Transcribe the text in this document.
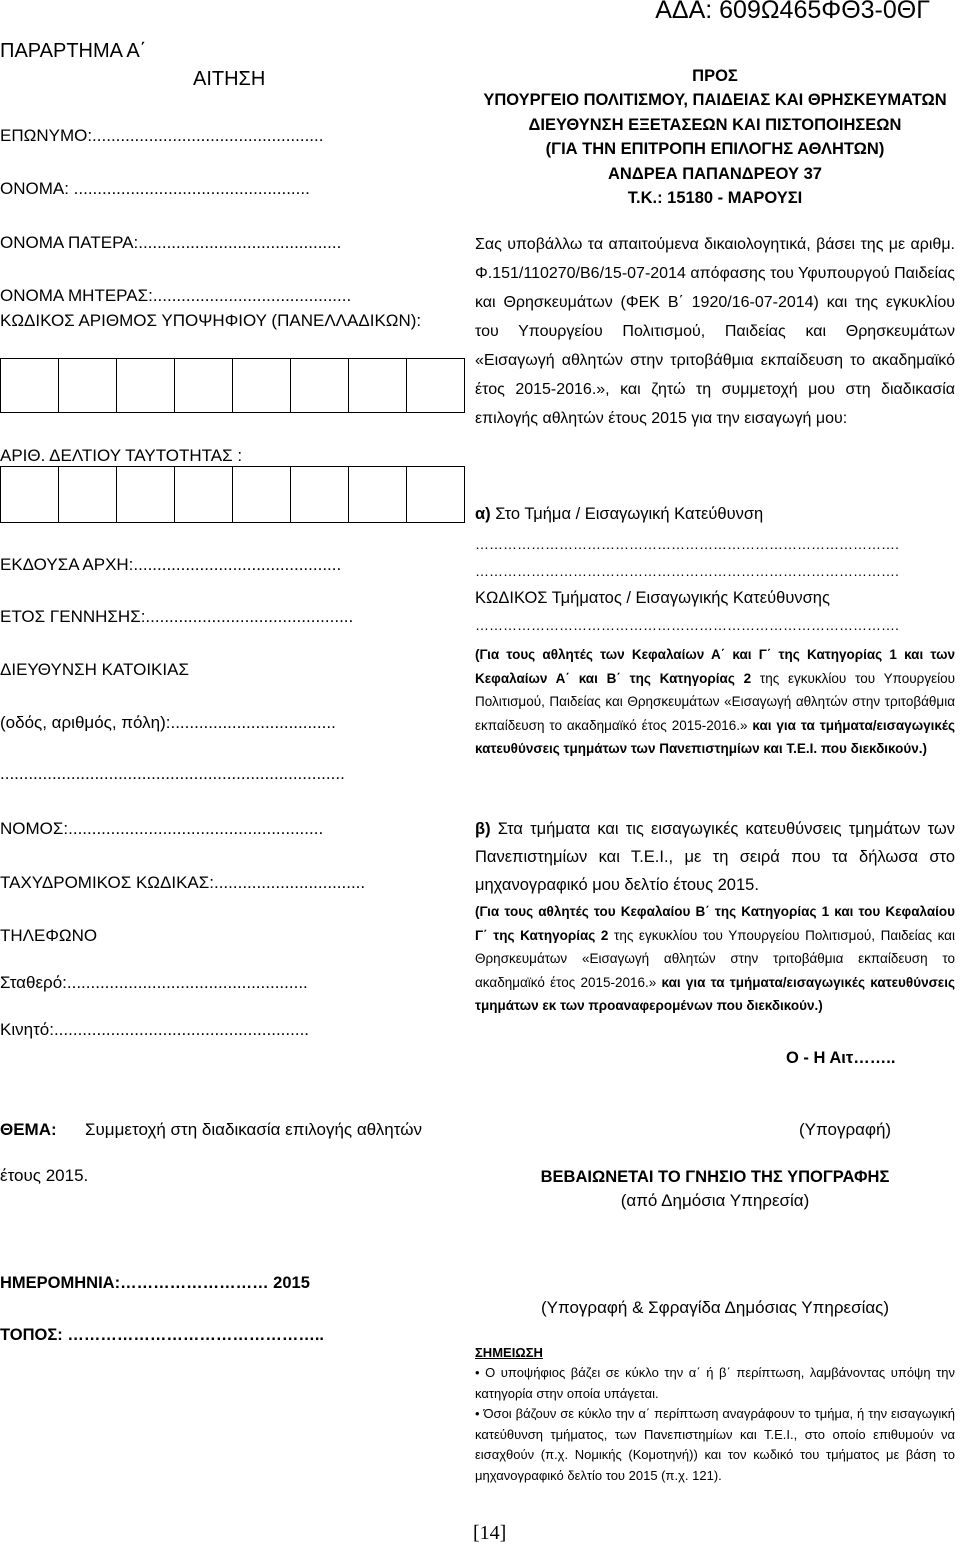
ΑΔΑ: 609Ω465ΦΘ3-0ΘΓ
ΠΑΡΑΡΤΗΜΑ Α΄
ΑΙΤΗΣΗ	ΠΡΟΣ
ΥΠΟΥΡΓΕΙΟ ΠΟΛΙΤΙΣΜΟΥ, ΠΑΙΔΕΙΑΣ ΚΑΙ ΘΡΗΣΚΕΥΜΑΤΩΝ
ΔΙΕΥΘΥΝΣΗ ΕΞΕΤΑΣΕΩΝ ΚΑΙ ΠΙΣΤΟΠΟΙΗΣΕΩΝ
(ΓΙΑ ΤΗΝ ΕΠΙΤΡΟΠΗ ΕΠΙΛΟΓΗΣ ΑΘΛΗΤΩΝ)
ΑΝΔΡΕΑ ΠΑΠΑΝΔΡΕΟΥ 37
Τ.Κ.: 15180 - ΜΑΡΟΥΣΙ
ΕΠΩΝΥΜΟ:.................................................
ΟΝΟΜΑ: ..................................................
ΟΝΟΜΑ ΠΑΤΕΡΑ:...........................................
ΟΝΟΜΑ ΜΗΤΕΡΑΣ:..........................................
ΚΩΔΙΚΟΣ ΑΡΙΘΜΟΣ ΥΠΟΨΗΦΙΟΥ (ΠΑΝΕΛΛΑΔΙΚΩΝ):
ΑΡΙΘ. ΔΕΛΤΙΟΥ ΤΑΥΤΟΤΗΤΑΣ :
ΕΚΔΟΥΣΑ ΑΡΧΗ:............................................
ΕΤΟΣ ΓΕΝΝΗΣΗΣ:............................................
ΔΙΕΥΘΥΝΣΗ ΚΑΤΟΙΚΙΑΣ
(οδός, αριθμός, πόλη):...................................
.........................................................................
ΝΟΜΟΣ:......................................................
ΤΑΧΥΔΡΟΜΙΚΟΣ ΚΩΔΙΚΑΣ:................................
ΤΗΛΕΦΩΝΟ
Σταθερό:...................................................
Κινητό:......................................................
Σας υποβάλλω τα απαιτούμενα δικαιολογητικά, βάσει της με αριθμ. Φ.151/110270/Β6/15-07-2014 απόφασης του Υφυπουργού Παιδείας και Θρησκευμάτων (ΦΕΚ Β΄ 1920/16-07-2014) και της εγκυκλίου του Υπουργείου Πολιτισμού, Παιδείας και Θρησκευμάτων «Εισαγωγή αθλητών στην τριτοβάθμια εκπαίδευση το ακαδημαϊκό έτος 2015-2016.», και ζητώ τη συμμετοχή μου στη διαδικασία επιλογής αθλητών έτους 2015 για την εισαγωγή μου:
α) Στο Τμήμα / Εισαγωγική Κατεύθυνση
……………………………………………………………………………….
……………………………………………………………………………….
ΚΩΔΙΚΟΣ Τμήματος / Εισαγωγικής Κατεύθυνσης
……………………………………………………………………………….
(Για τους αθλητές των Κεφαλαίων Α΄ και Γ΄ της Κατηγορίας 1 και των Κεφαλαίων Α΄ και Β΄ της Κατηγορίας 2 της εγκυκλίου του Υπουργείου Πολιτισμού, Παιδείας και Θρησκευμάτων «Εισαγωγή αθλητών στην τριτοβάθμια εκπαίδευση το ακαδημαϊκό έτος 2015-2016.» και για τα τμήματα/εισαγωγικές κατευθύνσεις τμημάτων των Πανεπιστημίων και Τ.Ε.Ι. που διεκδικούν.)
β) Στα τμήματα και τις εισαγωγικές κατευθύνσεις τμημάτων των Πανεπιστημίων και Τ.Ε.Ι., με τη σειρά που τα δήλωσα στο μηχανογραφικό μου δελτίο έτους 2015.
(Για τους αθλητές του Κεφαλαίου Β΄ της Κατηγορίας 1 και του Κεφαλαίου Γ΄ της Κατηγορίας 2 της εγκυκλίου του Υπουργείου Πολιτισμού, Παιδείας και Θρησκευμάτων «Εισαγωγή αθλητών στην τριτοβάθμια εκπαίδευση το ακαδημαϊκό έτος 2015-2016.» και για τα τμήματα/εισαγωγικές κατευθύνσεις τμημάτων εκ των προαναφερομένων που διεκδικούν.)
Ο - Η Αιτ……..
ΘΕΜΑ: Συμμετοχή στη διαδικασία επιλογής αθλητών
έτους 2015.
(Υπογραφή)
ΒΕΒΑΙΩΝΕΤΑΙ ΤΟ ΓΝΗΣΙΟ ΤΗΣ ΥΠΟΓΡΑΦΗΣ
(από Δημόσια Υπηρεσία)
ΗΜΕΡΟΜΗΝΙΑ:……………………… 2015
ΤΟΠΟΣ: ………………………………………..
(Υπογραφή & Σφραγίδα Δημόσιας Υπηρεσίας)
ΣΗΜΕΙΩΣΗ
• Ο υποψήφιος βάζει σε κύκλο την α΄ ή β΄ περίπτωση, λαμβάνοντας υπόψη την κατηγορία στην οποία υπάγεται.
• Όσοι βάζουν σε κύκλο την α΄ περίπτωση αναγράφουν το τμήμα, ή την εισαγωγική κατεύθυνση τμήματος, των Πανεπιστημίων και Τ.Ε.Ι., στο οποίο επιθυμούν να εισαχθούν (π.χ. Νομικής (Κομοτηνή)) και τον κωδικό του τμήματος με βάση το μηχανογραφικό δελτίο του 2015 (π.χ. 121).
[14]
